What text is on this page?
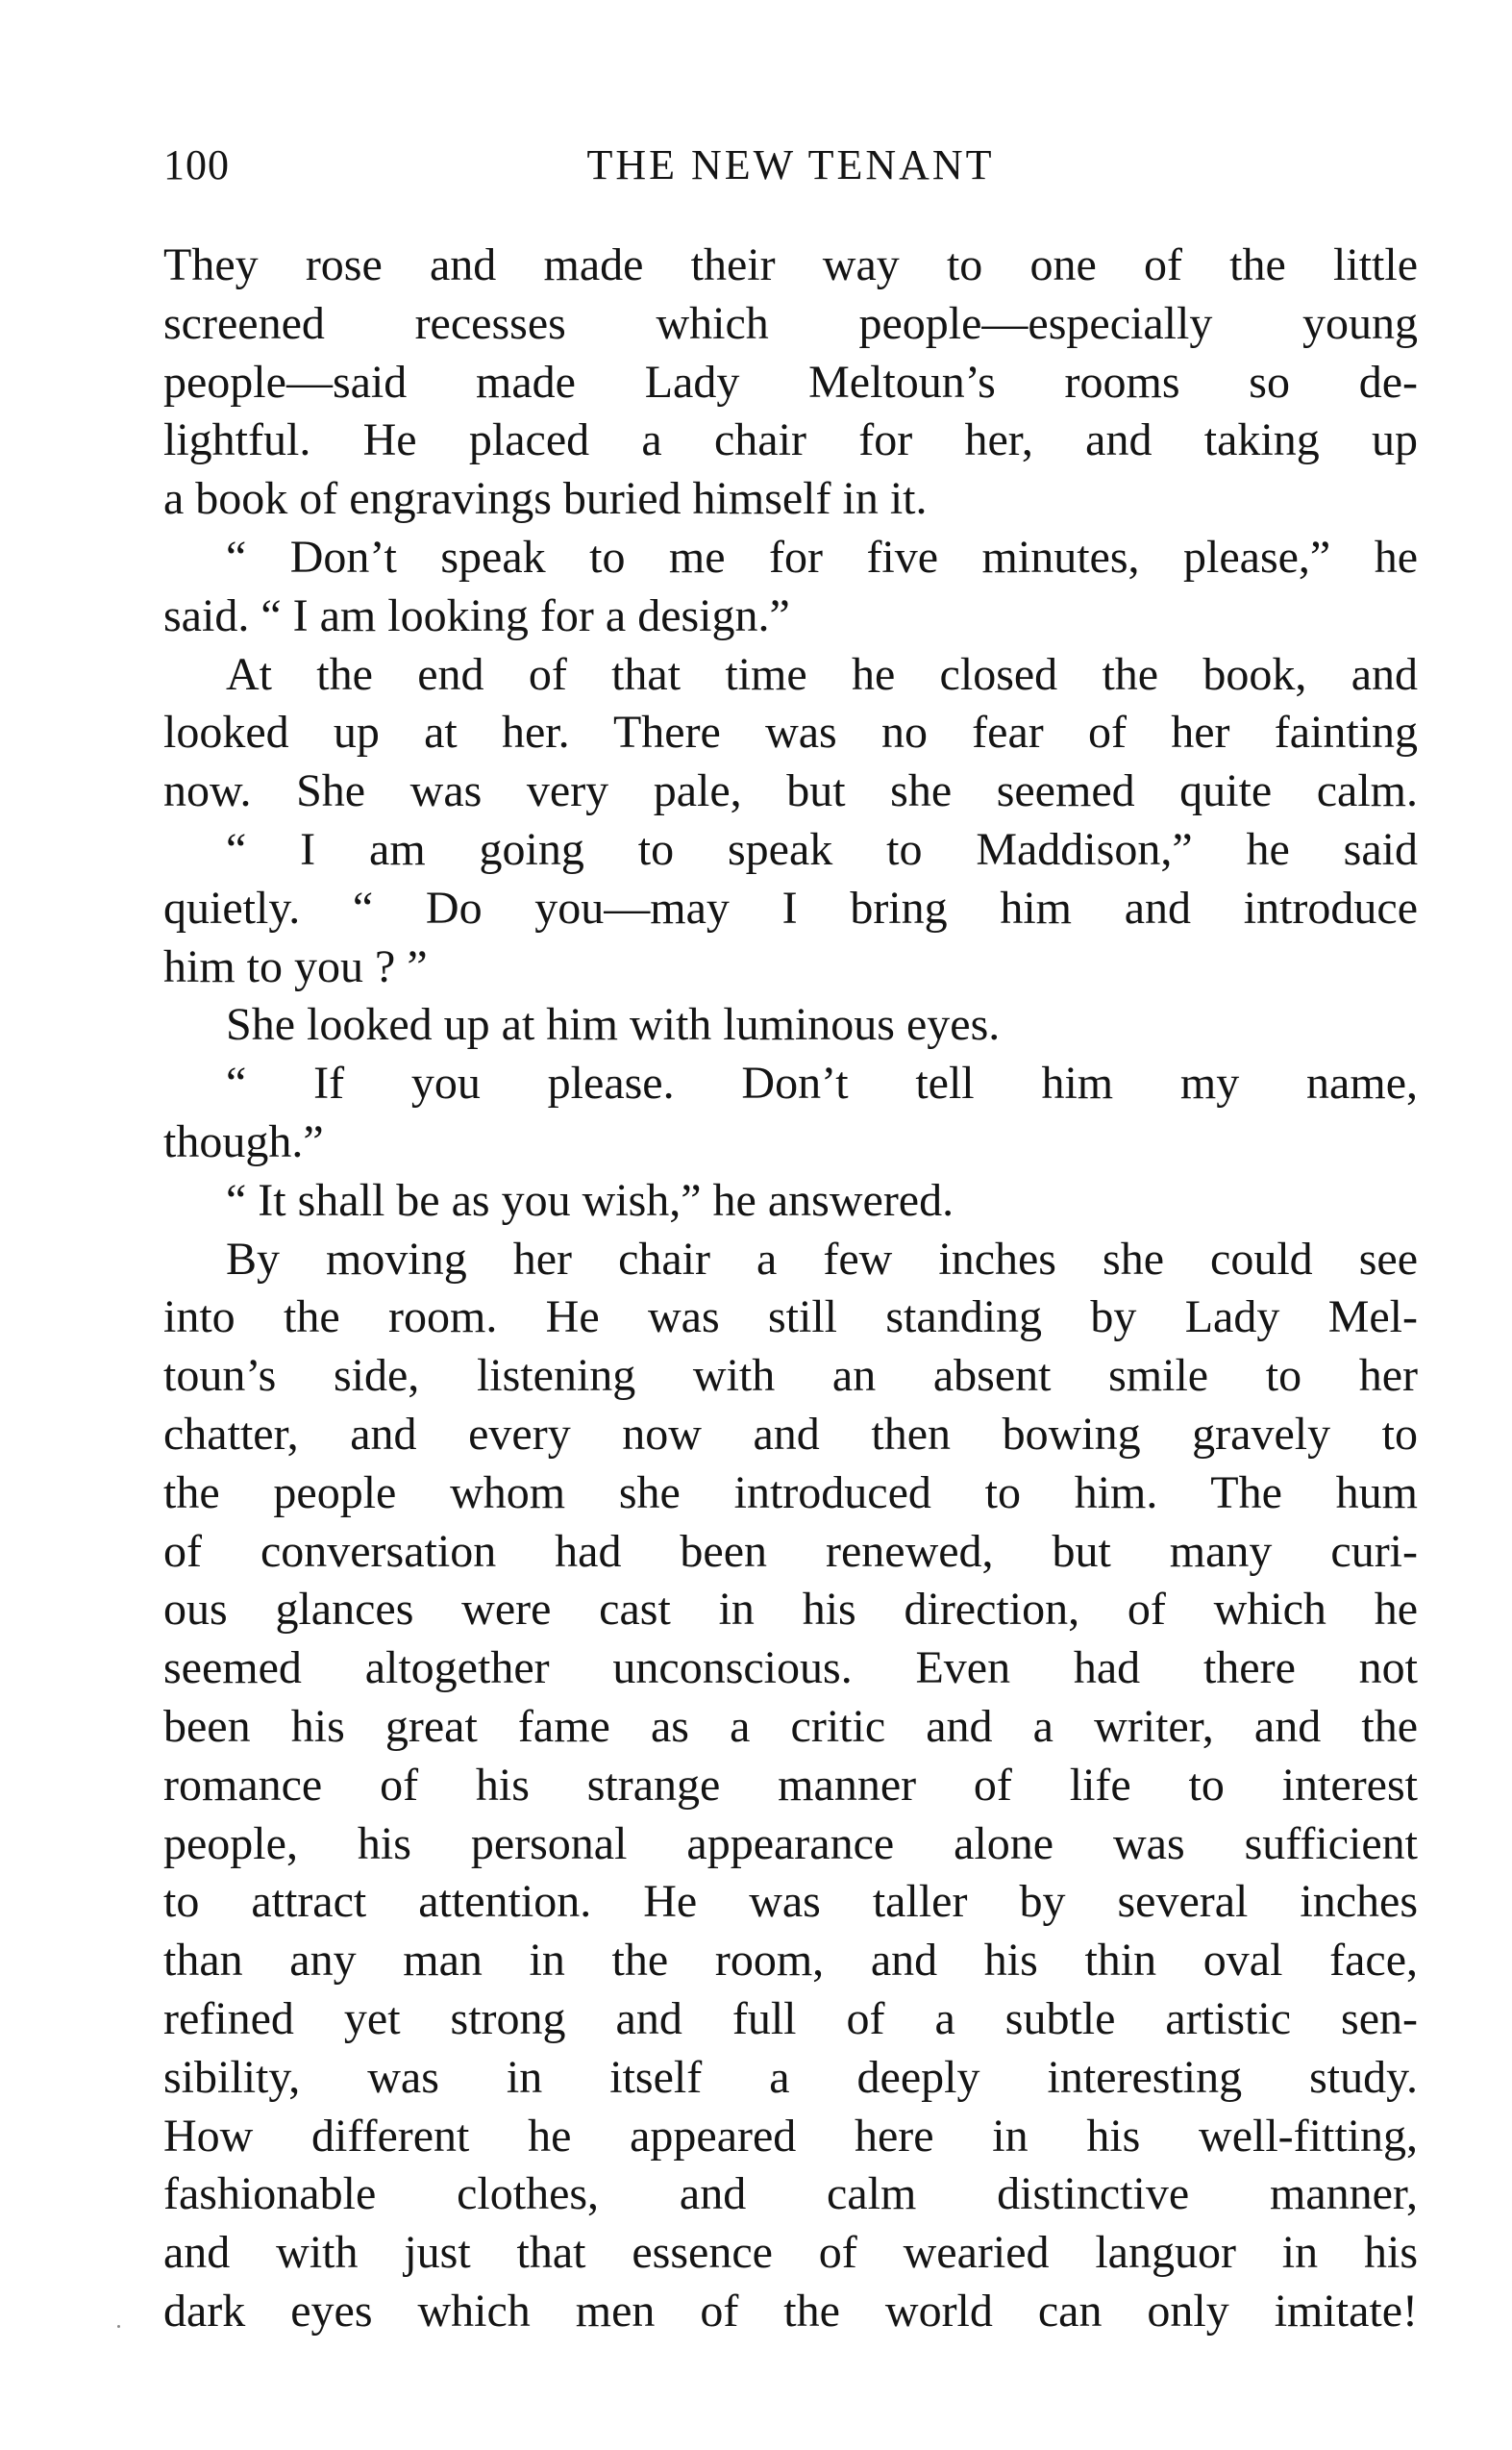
100	THE NEW TENANT
They rose and made their way to one of the little
screened recesses which people—especially young
people—said made Lady Meltoun’s rooms so de-
lightful. He placed a chair for her, and taking up
a book of engravings buried himself in it.
“ Don’t speak to me for five minutes, please,” he
said. “ I am looking for a design.”
At the end of that time he closed the book, and
looked up at her. There was no fear of her fainting
now. She was very pale, but she seemed quite calm.
“ I am going to speak to Maddison,” he said
quietly. “ Do you—may I bring him and introduce
him to you ? ”
She looked up at him with luminous eyes.
“ If you please. Don’t tell him my name,
though.”
“ It shall be as you wish,” he answered.
By moving her chair a few inches she could see
into the room. He was still standing by Lady Mel-
toun’s side, listening with an absent smile to her
chatter, and every now and then bowing gravely to
the people whom she introduced to him. The hum
of conversation had been renewed, but many curi-
ous glances were cast in his direction, of which he
seemed altogether unconscious. Even had there not
been his great fame as a critic and a writer, and the
romance of his strange manner of life to interest
people, his personal appearance alone was sufficient
to attract attention. He was taller by several inches
than any man in the room, and his thin oval face,
refined yet strong and full of a subtle artistic sen-
sibility, was in itself a deeply interesting study.
How different he appeared here in his well-fitting,
fashionable clothes, and calm distinctive manner,
and with just that essence of wearied languor in his
dark eyes which men of the world can only imitate!
